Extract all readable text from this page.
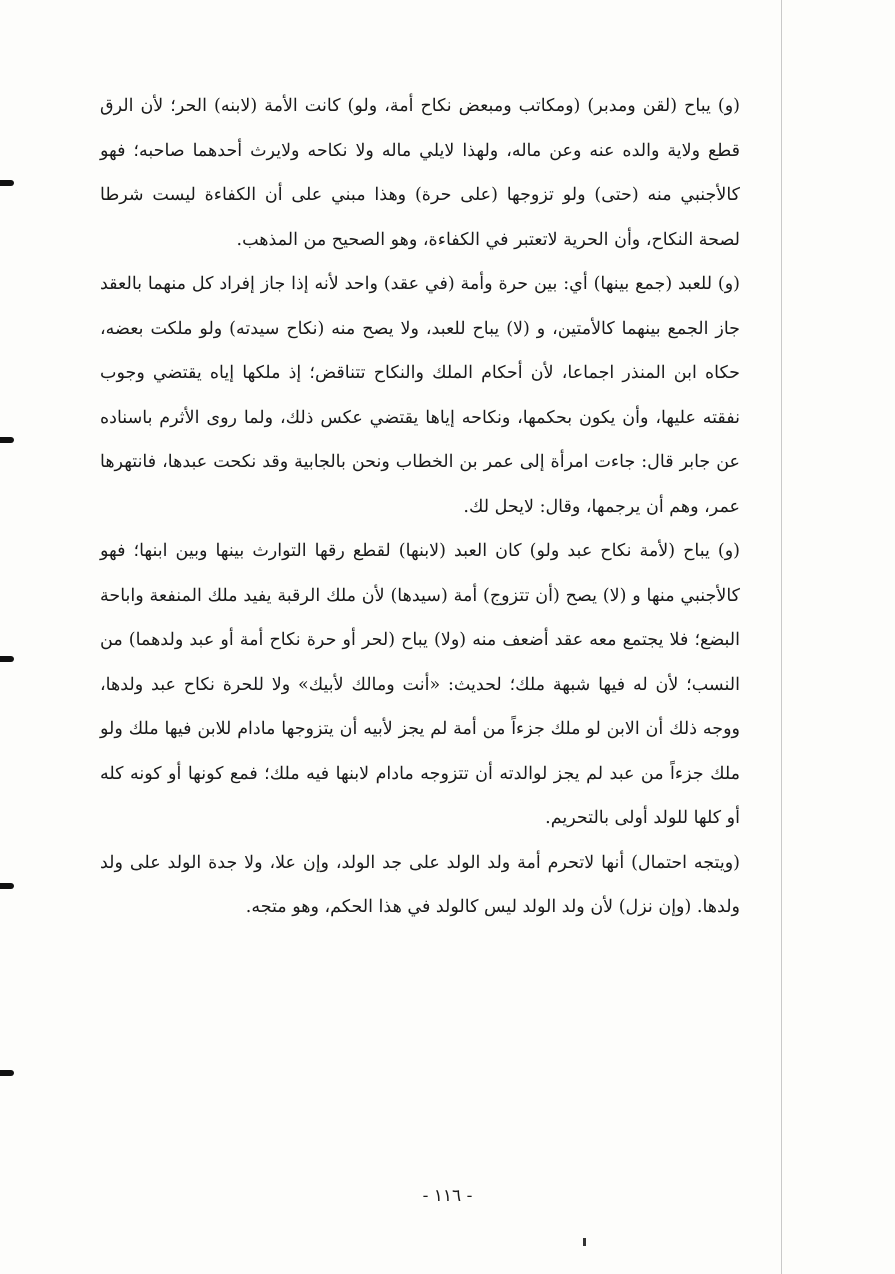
(و) يباح (لقن ومدبر) (ومكاتب ومبعض نكاح أمة، ولو) كانت الأمة (لابنه) الحر؛ لأن الرق قطع ولاية والده عنه وعن ماله، ولهذا لايلي ماله ولا نكاحه ولايرث أحدهما صاحبه؛ فهو كالأجنبي منه (حتى) ولو تزوجها (على حرة) وهذا مبني على أن الكفاءة ليست شرطا لصحة النكاح، وأن الحرية لاتعتبر في الكفاءة، وهو الصحيح من المذهب.

(و) للعبد (جمع بينها) أي: بين حرة وأمة (في عقد) واحد لأنه إذا جاز إفراد كل منهما بالعقد جاز الجمع بينهما كالأمتين، و (لا) يباح للعبد، ولا يصح منه (نكاح سيدته) ولو ملكت بعضه، حكاه ابن المنذر اجماعا، لأن أحكام الملك والنكاح تتناقض؛ إذ ملكها إياه يقتضي وجوب نفقته عليها، وأن يكون بحكمها، ونكاحه إياها يقتضي عكس ذلك، ولما روى الأثرم باسناده عن جابر قال: جاءت امرأة إلى عمر بن الخطاب ونحن بالجابية وقد نكحت عبدها، فانتهرها عمر، وهم أن يرجمها، وقال: لايحل لك.

(و) يباح (لأمة نكاح عبد ولو) كان العبد (لابنها) لقطع رقها التوارث بينها وبين ابنها؛ فهو كالأجنبي منها و (لا) يصح (أن تتزوج) أمة (سيدها) لأن ملك الرقبة يفيد ملك المنفعة واباحة البضع؛ فلا يجتمع معه عقد أضعف منه (ولا) يباح (لحر أو حرة نكاح أمة أو عبد ولدهما) من النسب؛ لأن له فيها شبهة ملك؛ لحديث: «أنت ومالك لأبيك» ولا للحرة نكاح عبد ولدها، ووجه ذلك أن الابن لو ملك جزءاً من أمة لم يجز لأبيه أن يتزوجها مادام للابن فيها ملك ولو ملك جزءاً من عبد لم يجز لوالدته أن تتزوجه مادام لابنها فيه ملك؛ فمع كونها أو كونه كله أو كلها للولد أولى بالتحريم.

(ويتجه احتمال) أنها لاتحرم أمة ولد الولد على جد الولد، وإن علا، ولا جدة الولد على ولد ولدها. (وإن نزل) لأن ولد الولد ليس كالولد في هذا الحكم، وهو متجه.

- ١١٦ -
